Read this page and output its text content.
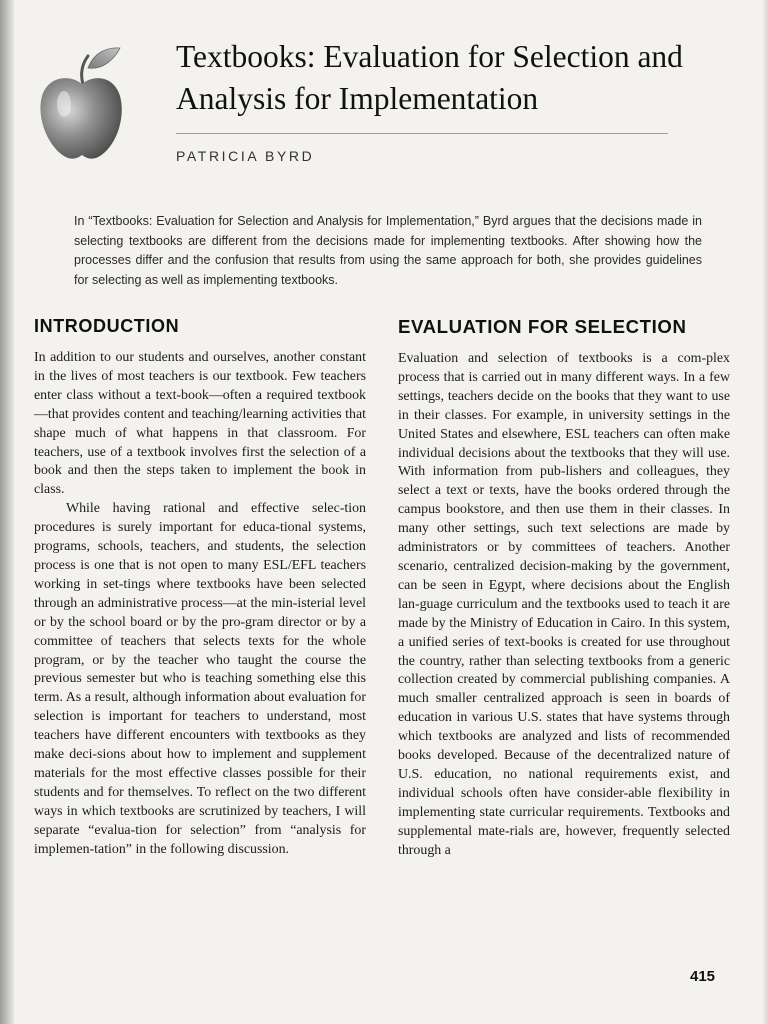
Textbooks: Evaluation for Selection and Analysis for Implementation
PATRICIA BYRD

In “Textbooks: Evaluation for Selection and Analysis for Implementation,” Byrd argues that the decisions made in selecting textbooks are different from the decisions made for implementing textbooks. After showing how the processes differ and the confusion that results from using the same approach for both, she provides guidelines for selecting as well as implementing textbooks.

INTRODUCTION

In addition to our students and ourselves, another constant in the lives of most teachers is our textbook. Few teachers enter class without a text-book—often a required textbook—that provides content and teaching/learning activities that shape much of what happens in that classroom. For teachers, use of a textbook involves first the selection of a book and then the steps taken to implement the book in class.

While having rational and effective selec-tion procedures is surely important for educa-tional systems, programs, schools, teachers, and students, the selection process is one that is not open to many ESL/EFL teachers working in set-tings where textbooks have been selected through an administrative process—at the min-isterial level or by the school board or by the pro-gram director or by a committee of teachers that selects texts for the whole program, or by the teacher who taught the course the previous semester but who is teaching something else this term. As a result, although information about evaluation for selection is important for teachers to understand, most teachers have different encounters with textbooks as they make deci-sions about how to implement and supplement materials for the most effective classes possible for their students and for themselves. To reflect on the two different ways in which textbooks are scrutinized by teachers, I will separate “evalua-tion for selection” from “analysis for implemen-tation” in the following discussion.

EVALUATION FOR SELECTION

Evaluation and selection of textbooks is a com-plex process that is carried out in many different ways. In a few settings, teachers decide on the books that they want to use in their classes. For example, in university settings in the United States and elsewhere, ESL teachers can often make individual decisions about the textbooks that they will use. With information from pub-lishers and colleagues, they select a text or texts, have the books ordered through the campus bookstore, and then use them in their classes. In many other settings, such text selections are made by administrators or by committees of teachers. Another scenario, centralized decision-making by the government, can be seen in Egypt, where decisions about the English lan-guage curriculum and the textbooks used to teach it are made by the Ministry of Education in Cairo. In this system, a unified series of text-books is created for use throughout the country, rather than selecting textbooks from a generic collection created by commercial publishing companies. A much smaller centralized approach is seen in boards of education in various U.S. states that have systems through which textbooks are analyzed and lists of recommended books developed. Because of the decentralized nature of U.S. education, no national requirements exist, and individual schools often have consider-able flexibility in implementing state curricular requirements. Textbooks and supplemental mate-rials are, however, frequently selected through a

415
